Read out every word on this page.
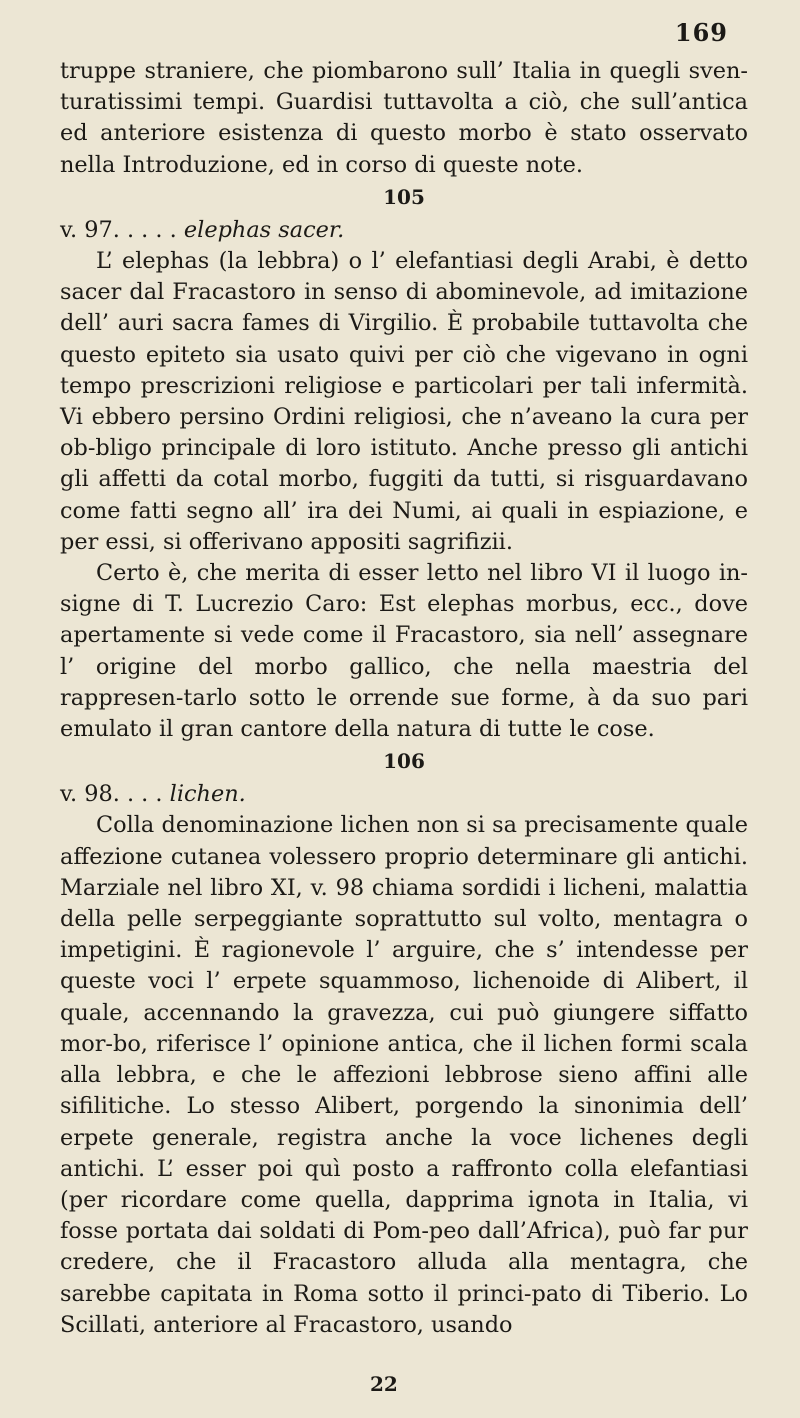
169

truppe straniere, che piombarono sull’ Italia in quegli sven-turatissimi tempi. Guardisi tuttavolta a ciò, che sull’antica ed anteriore esistenza di questo morbo è stato osservato nella Introduzione, ed in corso di queste note.

105

v. 97. . . . . elephas sacer.

L’ elephas (la lebbra) o l’ elefantiasi degli Arabi, è detto sacer dal Fracastoro in senso di abominevole, ad imitazione dell’ auri sacra fames di Virgilio. È probabile tuttavolta che questo epiteto sia usato quivi per ciò che vigevano in ogni tempo prescrizioni religiose e particolari per tali infermità. Vi ebbero persino Ordini religiosi, che n’aveano la cura per ob-bligo principale di loro istituto. Anche presso gli antichi gli affetti da cotal morbo, fuggiti da tutti, si risguardavano come fatti segno all’ ira dei Numi, ai quali in espiazione, e per essi, si offerivano appositi sagrifizii.

Certo è, che merita di esser letto nel libro VI il luogo in-signe di T. Lucrezio Caro: Est elephas morbus, ecc., dove apertamente si vede come il Fracastoro, sia nell’ assegnare l’ origine del morbo gallico, che nella maestria del rappresen-tarlo sotto le orrende sue forme, à da suo pari emulato il gran cantore della natura di tutte le cose.

106

v. 98. . . . lichen.

Colla denominazione lichen non si sa precisamente quale affezione cutanea volessero proprio determinare gli antichi. Marziale nel libro XI, v. 98 chiama sordidi i licheni, malattia della pelle serpeggiante soprattutto sul volto, mentagra o impetigini. È ragionevole l’ arguire, che s’ intendesse per queste voci l’ erpete squammoso, lichenoide di Alibert, il quale, accennando la gravezza, cui può giungere siffatto mor-bo, riferisce l’ opinione antica, che il lichen formi scala alla lebbra, e che le affezioni lebbrose sieno affini alle sifilitiche. Lo stesso Alibert, porgendo la sinonimia dell’ erpete generale, registra anche la voce lichenes degli antichi. L’ esser poi quì posto a raffronto colla elefantiasi (per ricordare come quella, dapprima ignota in Italia, vi fosse portata dai soldati di Pom-peo dall’Africa), può far pur credere, che il Fracastoro alluda alla mentagra, che sarebbe capitata in Roma sotto il princi-pato di Tiberio. Lo Scillati, anteriore al Fracastoro, usando

22
